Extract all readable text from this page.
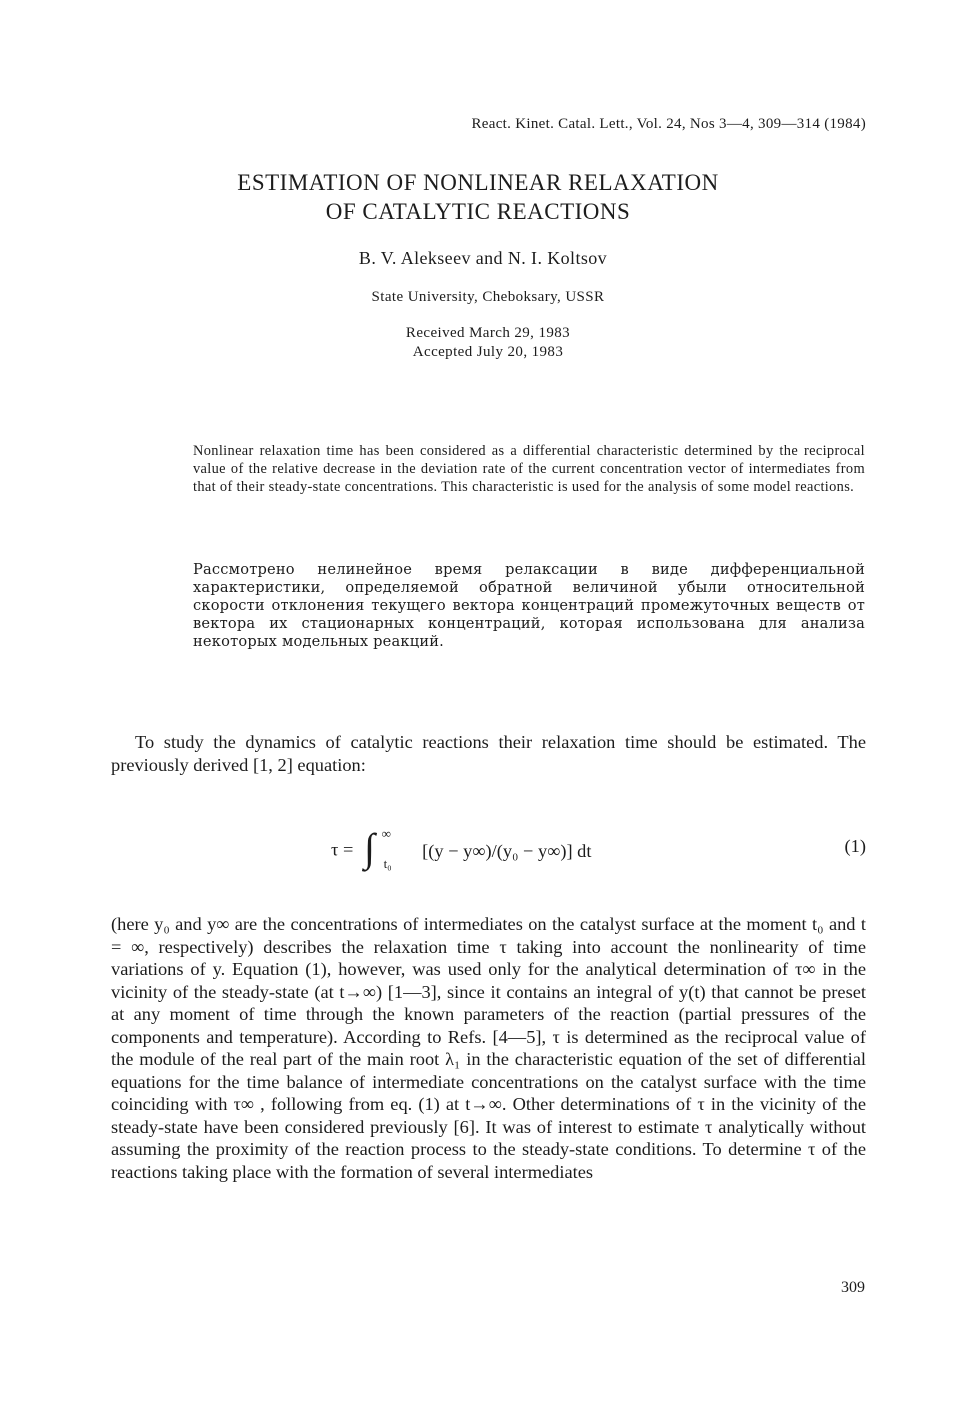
React. Kinet. Catal. Lett., Vol. 24, Nos 3—4, 309—314 (1984)
ESTIMATION OF NONLINEAR RELAXATION
OF CATALYTIC REACTIONS
B. V. Alekseev and N. I. Koltsov
State University, Cheboksary, USSR
Received March 29, 1983
Accepted July 20, 1983

Nonlinear relaxation time has been considered as a differential characteristic determined by the reciprocal value of the relative decrease in the deviation rate of the current concentration vector of intermediates from that of their steady-state concentrations. This characteristic is used for the analysis of some model reactions.

Рассмотрено нелинейное время релаксации в виде дифференциальной характеристики, определяемой обратной величиной убыли относительной скорости отклонения текущего вектора концентраций промежуточных веществ от вектора их стационарных концентраций, которая использована для анализа некоторых модельных реакций.

To study the dynamics of catalytic reactions their relaxation time should be estimated. The previously derived [1, 2] equation:

τ = ∫ ∞
t₀
[(y − y∞)/(y₀ − y∞)] dt	(1)

(here y₀ and y∞ are the concentrations of intermediates on the catalyst surface at the moment t₀ and t = ∞, respectively) describes the relaxation time τ taking into account the nonlinearity of time variations of y. Equation (1), however, was used only for the analytical determination of τ∞ in the vicinity of the steady-state (at t→∞) [1—3], since it contains an integral of y(t) that cannot be preset at any moment of time through the known parameters of the reaction (partial pressures of the components and temperature). According to Refs. [4—5], τ is determined as the reciprocal value of the module of the real part of the main root λ₁ in the characteristic equation of the set of differential equations for the time balance of intermediate concentrations on the catalyst surface with the time coinciding with τ∞ , following from eq. (1) at t→∞. Other determinations of τ in the vicinity of the steady-state have been considered previously [6]. It was of interest to estimate τ analytically without assuming the proximity of the reaction process to the steady-state conditions. To determine τ of the reactions taking place with the formation of several intermediates

309
